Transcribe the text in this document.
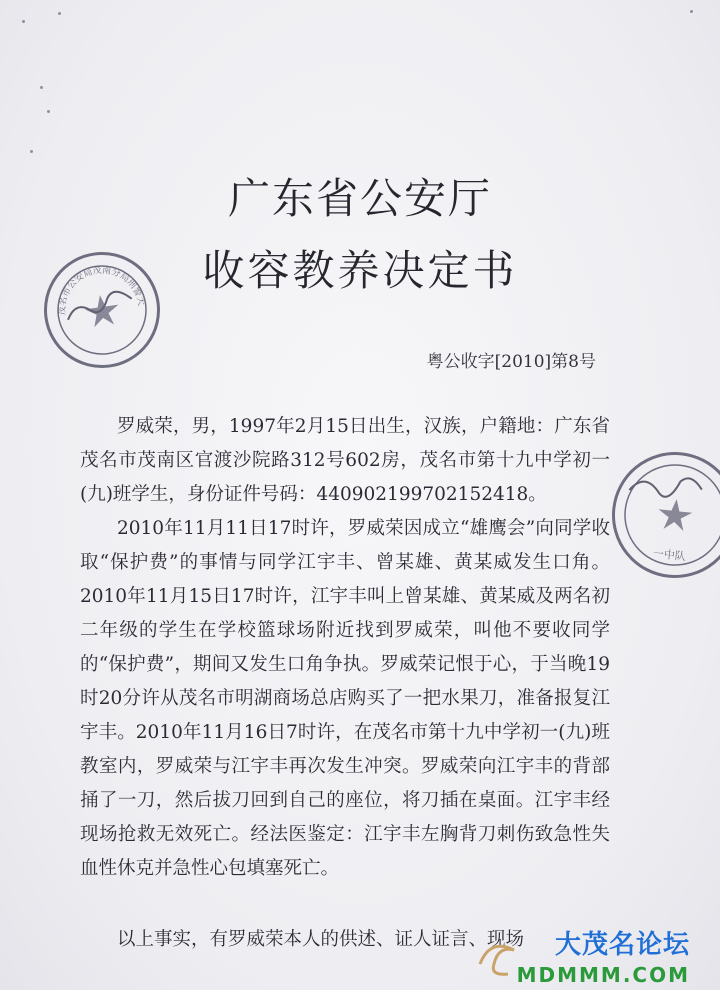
广东省公安厅
收容教养决定书
茂名市公安局茂南分局刑警大队 一中队
粤公收字[2010]第8号

罗威荣，男，1997年2月15日出生，汉族，户籍地：广东省茂名市茂南区官渡沙院路312号602房，茂名市第十九中学初一(九)班学生，身份证件号码：440902199702152418。

一中队

2010年11月11日17时许，罗威荣因成立“雄鹰会”向同学收取“保护费”的事情与同学江宇丰、曾某雄、黄某威发生口角。2010年11月15日17时许，江宇丰叫上曾某雄、黄某威及两名初二年级的学生在学校篮球场附近找到罗威荣，叫他不要收同学的“保护费”，期间又发生口角争执。罗威荣记恨于心，于当晚19时20分许从茂名市明湖商场总店购买了一把水果刀，准备报复江宇丰。2010年11月16日7时许，在茂名市第十九中学初一(九)班教室内，罗威荣与江宇丰再次发生冲突。罗威荣向江宇丰的背部捅了一刀，然后拔刀回到自己的座位，将刀插在桌面。江宇丰经现场抢救无效死亡。经法医鉴定：江宇丰左胸背刀刺伤致急性失血性休克并急性心包填塞死亡。

以上事实，有罗威荣本人的供述、证人证言、现场	大茂名论坛
MDMMM.COM
